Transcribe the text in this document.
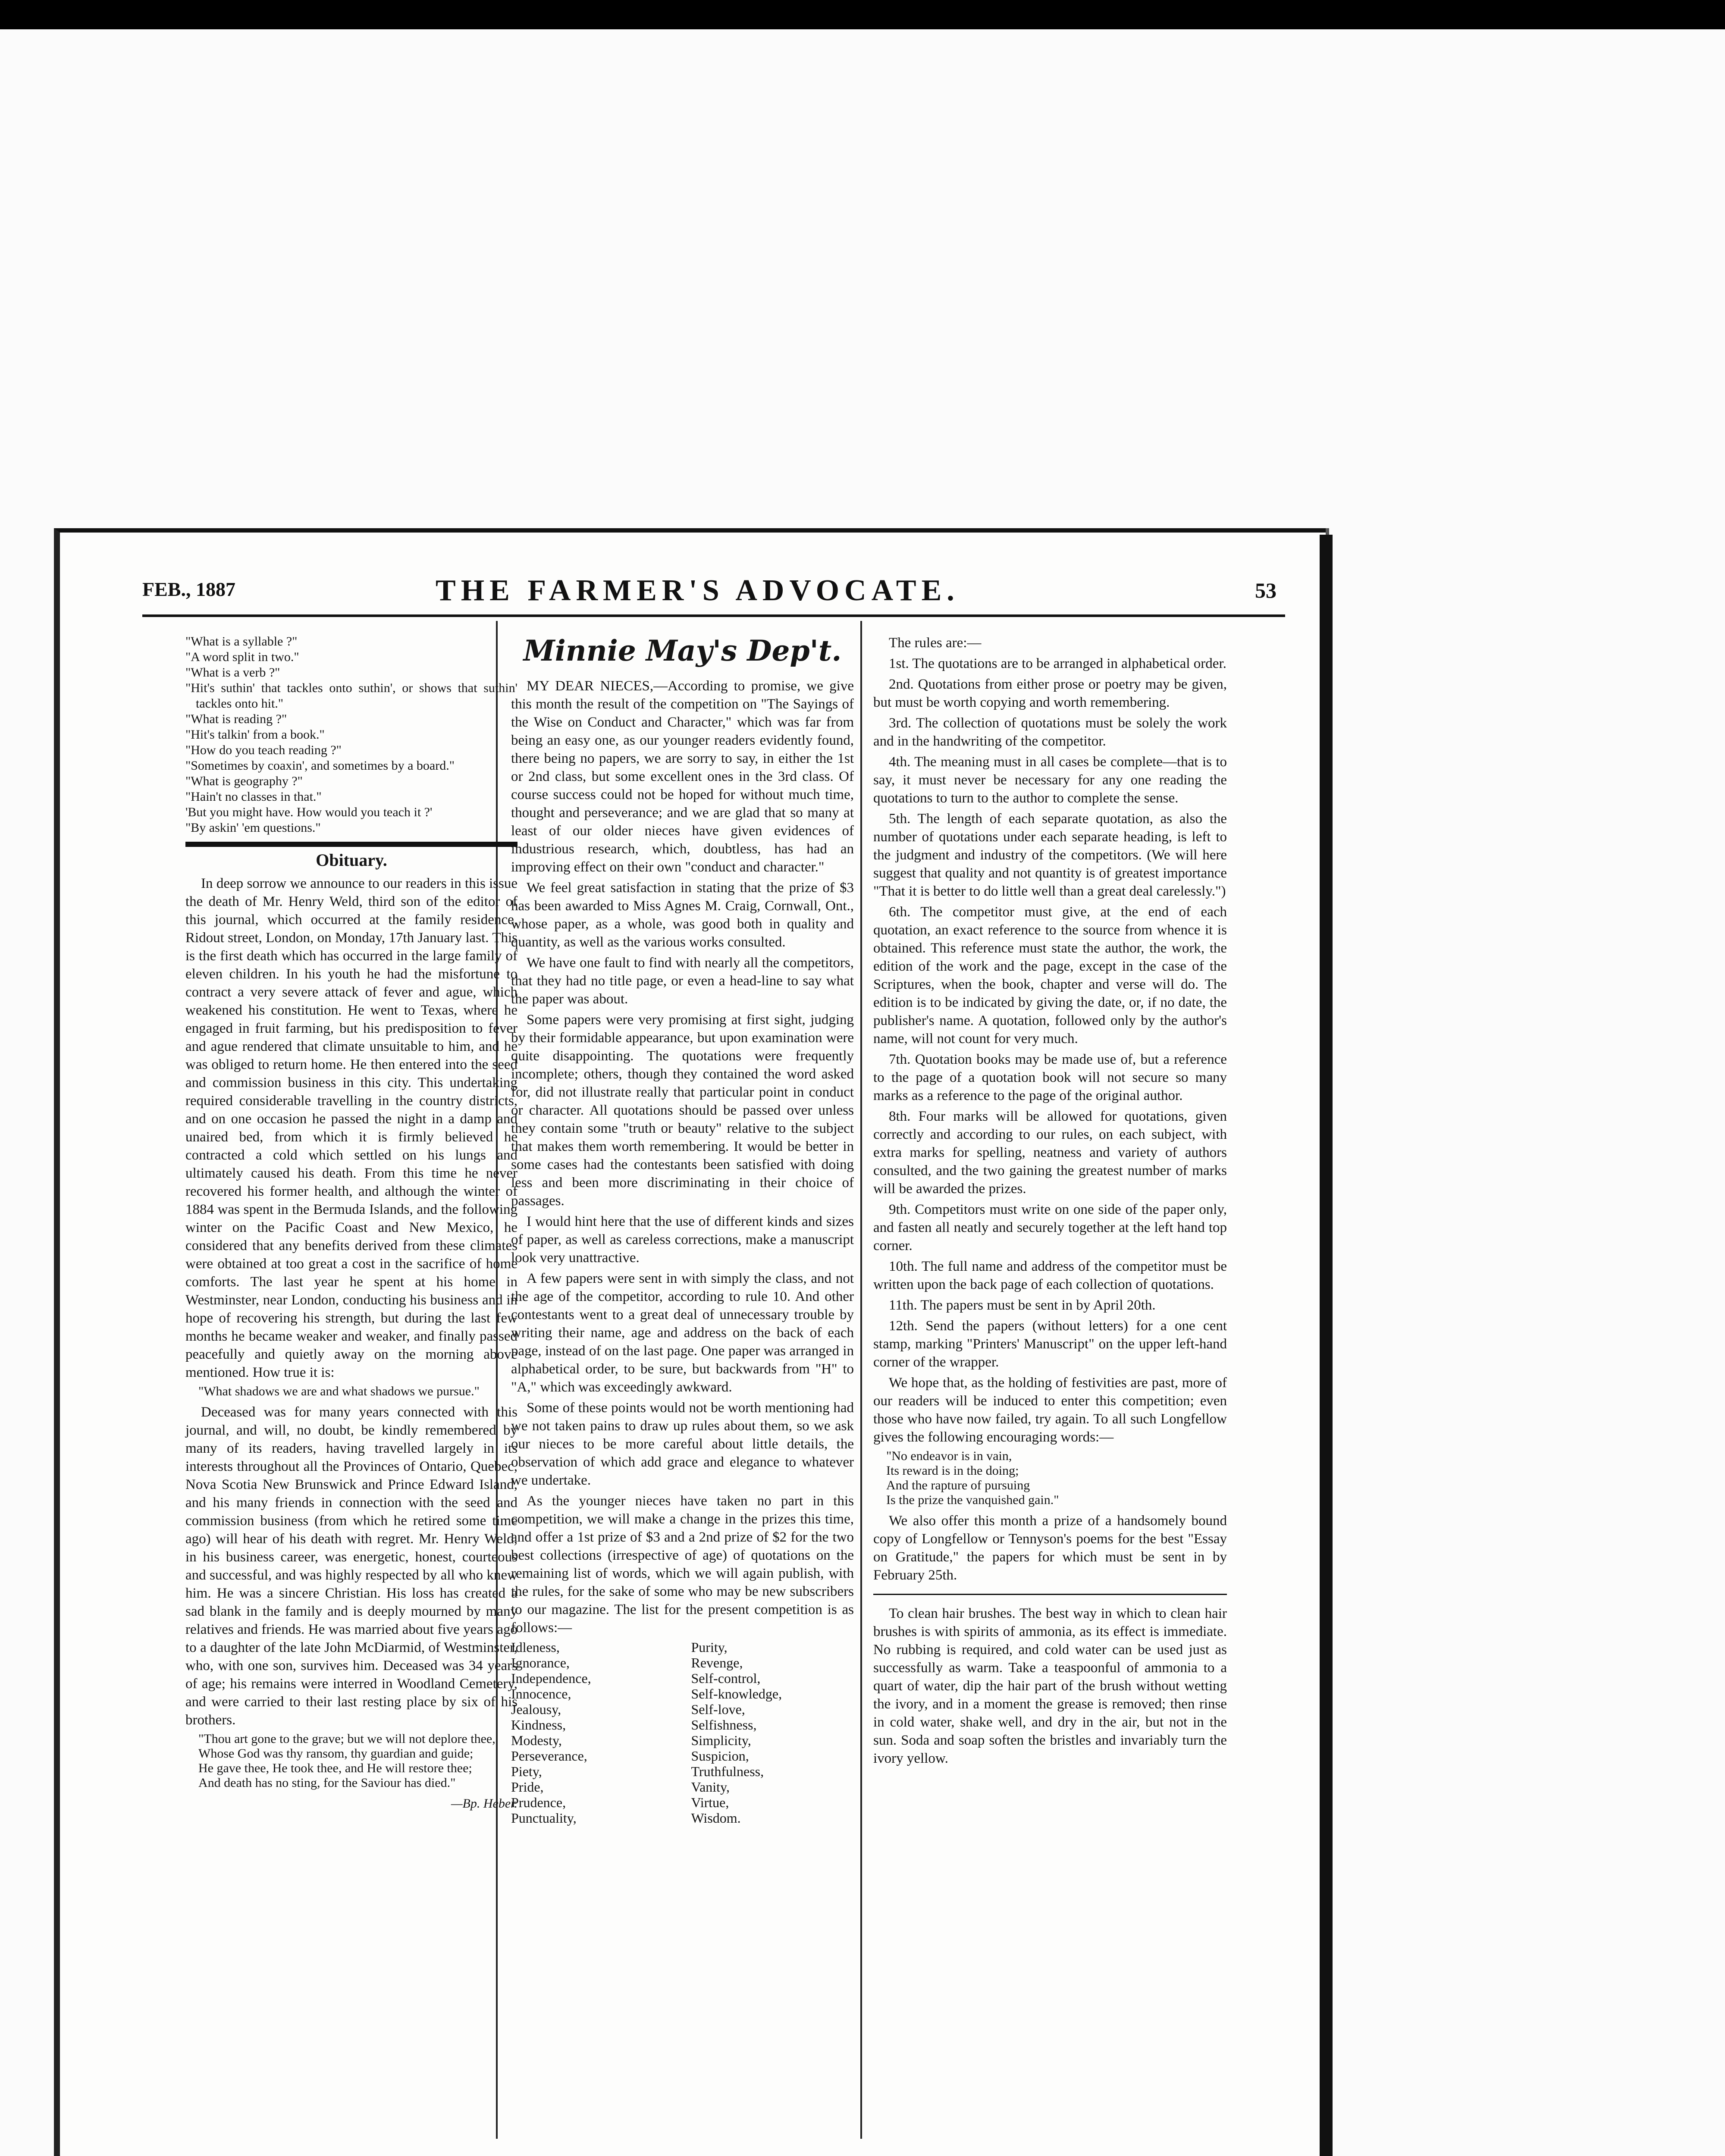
FEB., 1887	THE FARMER'S ADVOCATE.	53
"What is a syllable ?"
"A word split in two."
"What is a verb ?"
"Hit's suthin' that tackles onto suthin', or shows that suthin' tackles onto hit."
"What is reading ?"
"Hit's talkin' from a book."
"How do you teach reading ?"
"Sometimes by coaxin', and sometimes by a board."
"What is geography ?"
"Hain't no classes in that."
'But you might have. How would you teach it ?'
"By askin' 'em questions."
Obituary.

In deep sorrow we announce to our readers in this issue the death of Mr. Henry Weld, third son of the editor of this journal, which occurred at the family residence, Ridout street, London, on Monday, 17th January last. This is the first death which has occurred in the large family of eleven children. In his youth he had the misfortune to contract a very severe attack of fever and ague, which weakened his constitution. He went to Texas, where he engaged in fruit farming, but his predisposition to fever and ague rendered that climate unsuitable to him, and he was obliged to return home. He then entered into the seed and commission business in this city. This undertaking required considerable travelling in the country districts, and on one occasion he passed the night in a damp and unaired bed, from which it is firmly believed he contracted a cold which settled on his lungs and ultimately caused his death. From this time he never recovered his former health, and although the winter of 1884 was spent in the Bermuda Islands, and the following winter on the Pacific Coast and New Mexico, he considered that any benefits derived from these climates were obtained at too great a cost in the sacrifice of home comforts. The last year he spent at his home in Westminster, near London, conducting his business and in hope of recovering his strength, but during the last few months he became weaker and weaker, and finally passed peacefully and quietly away on the morning above mentioned. How true it is:

"What shadows we are and what shadows we pursue."

Deceased was for many years connected with this journal, and will, no doubt, be kindly remembered by many of its readers, having travelled largely in its interests throughout all the Provinces of Ontario, Quebec, Nova Scotia New Brunswick and Prince Edward Island, and his many friends in connection with the seed and commission business (from which he retired some time ago) will hear of his death with regret. Mr. Henry Weld, in his business career, was energetic, honest, courteous and successful, and was highly respected by all who knew him. He was a sincere Christian. His loss has created a sad blank in the family and is deeply mourned by many relatives and friends. He was married about five years ago to a daughter of the late John McDiarmid, of Westminster, who, with one son, survives him. Deceased was 34 years of age; his remains were interred in Woodland Cemetery, and were carried to their last resting place by six of his brothers.

"Thou art gone to the grave; but we will not deplore thee,
Whose God was thy ransom, thy guardian and guide;
He gave thee, He took thee, and He will restore thee;
And death has no sting, for the Saviour has died."
—Bp. Heber.
Minnie May's Dep't.

MY DEAR NIECES,—According to promise, we give this month the result of the competition on "The Sayings of the Wise on Conduct and Character," which was far from being an easy one, as our younger readers evidently found, there being no papers, we are sorry to say, in either the 1st or 2nd class, but some excellent ones in the 3rd class. Of course success could not be hoped for without much time, thought and perseverance; and we are glad that so many at least of our older nieces have given evidences of industrious research, which, doubtless, has had an improving effect on their own "conduct and character."

We feel great satisfaction in stating that the prize of $3 has been awarded to Miss Agnes M. Craig, Cornwall, Ont., whose paper, as a whole, was good both in quality and quantity, as well as the various works consulted.

We have one fault to find with nearly all the competitors, that they had no title page, or even a head-line to say what the paper was about.

Some papers were very promising at first sight, judging by their formidable appearance, but upon examination were quite disappointing. The quotations were frequently incomplete; others, though they contained the word asked for, did not illustrate really that particular point in conduct or character. All quotations should be passed over unless they contain some "truth or beauty" relative to the subject that makes them worth remembering. It would be better in some cases had the contestants been satisfied with doing less and been more discriminating in their choice of passages.

I would hint here that the use of different kinds and sizes of paper, as well as careless corrections, make a manuscript look very unattractive.

A few papers were sent in with simply the class, and not the age of the competitor, according to rule 10. And other contestants went to a great deal of unnecessary trouble by writing their name, age and address on the back of each page, instead of on the last page. One paper was arranged in alphabetical order, to be sure, but backwards from "H" to "A," which was exceedingly awkward.

Some of these points would not be worth mentioning had we not taken pains to draw up rules about them, so we ask our nieces to be more careful about little details, the observation of which add grace and elegance to whatever we undertake.

As the younger nieces have taken no part in this competition, we will make a change in the prizes this time, and offer a 1st prize of $3 and a 2nd prize of $2 for the two best collections (irrespective of age) of quotations on the remaining list of words, which we will again publish, with the rules, for the sake of some who may be new subscribers to our magazine. The list for the present competition is as follows:—

Idleness,
Ignorance,
Independence,
Innocence,
Jealousy,
Kindness,
Modesty,
Perseverance,
Piety,
Pride,
Prudence,
Punctuality,
Purity,
Revenge,
Self-control,
Self-knowledge,
Self-love,
Selfishness,
Simplicity,
Suspicion,
Truthfulness,
Vanity,
Virtue,
Wisdom.

The rules are:—

1st. The quotations are to be arranged in alphabetical order.

2nd. Quotations from either prose or poetry may be given, but must be worth copying and worth remembering.

3rd. The collection of quotations must be solely the work and in the handwriting of the competitor.

4th. The meaning must in all cases be complete—that is to say, it must never be necessary for any one reading the quotations to turn to the author to complete the sense.

5th. The length of each separate quotation, as also the number of quotations under each separate heading, is left to the judgment and industry of the competitors. (We will here suggest that quality and not quantity is of greatest importance "That it is better to do little well than a great deal carelessly.")

6th. The competitor must give, at the end of each quotation, an exact reference to the source from whence it is obtained. This reference must state the author, the work, the edition of the work and the page, except in the case of the Scriptures, when the book, chapter and verse will do. The edition is to be indicated by giving the date, or, if no date, the publisher's name. A quotation, followed only by the author's name, will not count for very much.

7th. Quotation books may be made use of, but a reference to the page of a quotation book will not secure so many marks as a reference to the page of the original author.

8th. Four marks will be allowed for quotations, given correctly and according to our rules, on each subject, with extra marks for spelling, neatness and variety of authors consulted, and the two gaining the greatest number of marks will be awarded the prizes.

9th. Competitors must write on one side of the paper only, and fasten all neatly and securely together at the left hand top corner.

10th. The full name and address of the competitor must be written upon the back page of each collection of quotations.

11th. The papers must be sent in by April 20th.

12th. Send the papers (without letters) for a one cent stamp, marking "Printers' Manuscript" on the upper left-hand corner of the wrapper.

We hope that, as the holding of festivities are past, more of our readers will be induced to enter this competition; even those who have now failed, try again. To all such Longfellow gives the following encouraging words:—

"No endeavor is in vain,
Its reward is in the doing;
And the rapture of pursuing
Is the prize the vanquished gain."

We also offer this month a prize of a handsomely bound copy of Longfellow or Tennyson's poems for the best "Essay on Gratitude," the papers for which must be sent in by February 25th.

To clean hair brushes. The best way in which to clean hair brushes is with spirits of ammonia, as its effect is immediate. No rubbing is required, and cold water can be used just as successfully as warm. Take a teaspoonful of ammonia to a quart of water, dip the hair part of the brush without wetting the ivory, and in a moment the grease is removed; then rinse in cold water, shake well, and dry in the air, but not in the sun. Soda and soap soften the bristles and invariably turn the ivory yellow.
